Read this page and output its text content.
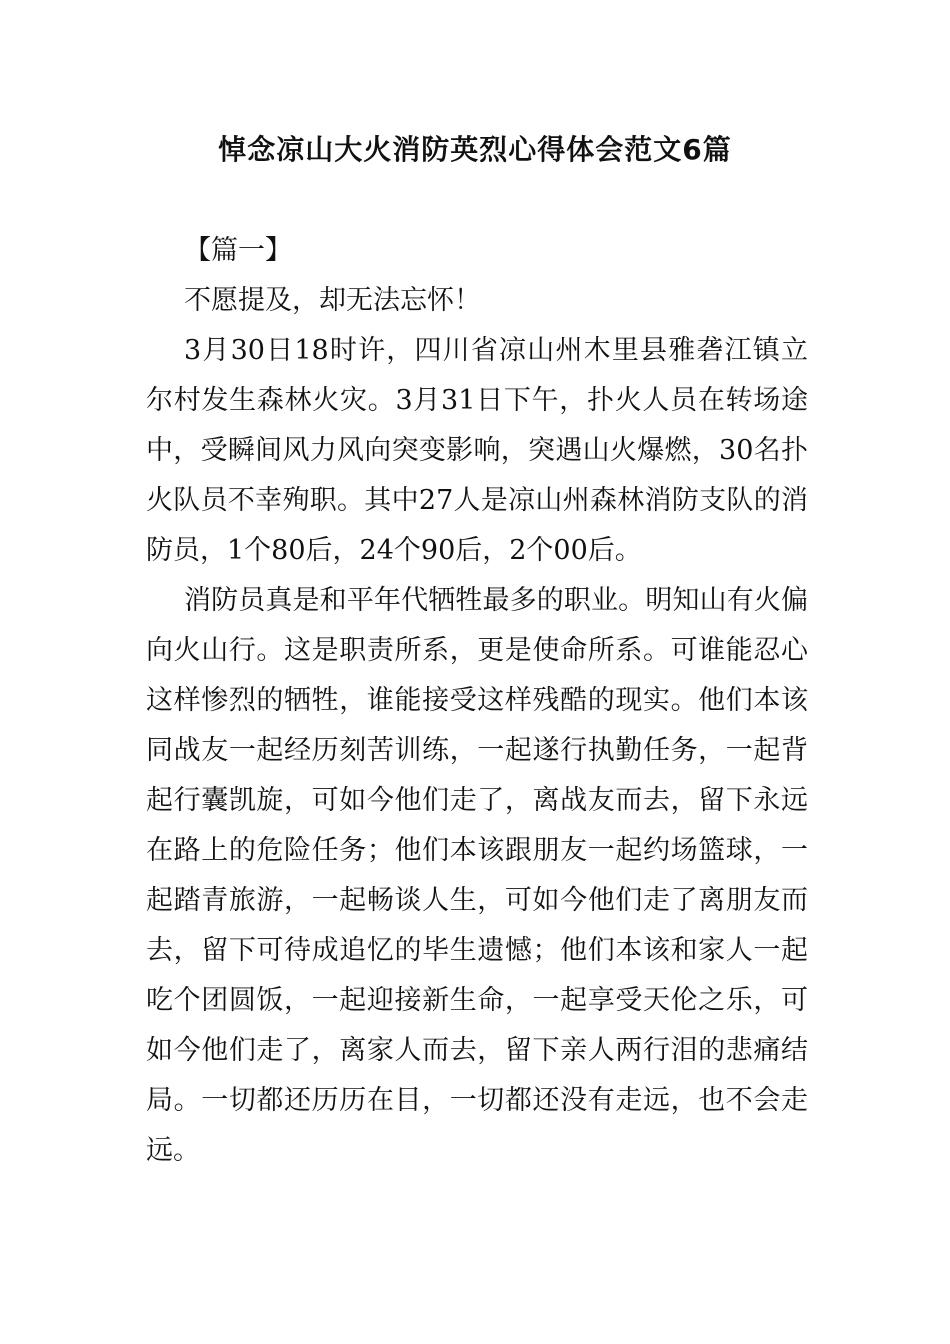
悼念凉山大火消防英烈心得体会范文6篇

【篇一】

不愿提及，却无法忘怀！

3月30日18时许，四川省凉山州木里县雅砻江镇立尔村发生森林火灾。3月31日下午，扑火人员在转场途中，受瞬间风力风向突变影响，突遇山火爆燃，30名扑火队员不幸殉职。其中27人是凉山州森林消防支队的消防员，1个80后，24个90后，2个00后。

消防员真是和平年代牺牲最多的职业。明知山有火偏向火山行。这是职责所系，更是使命所系。可谁能忍心这样惨烈的牺牲，谁能接受这样残酷的现实。他们本该同战友一起经历刻苦训练，一起遂行执勤任务，一起背起行囊凯旋，可如今他们走了，离战友而去，留下永远在路上的危险任务；他们本该跟朋友一起约场篮球，一起踏青旅游，一起畅谈人生，可如今他们走了离朋友而去，留下可待成追忆的毕生遗憾；他们本该和家人一起吃个团圆饭，一起迎接新生命，一起享受天伦之乐，可如今他们走了，离家人而去，留下亲人两行泪的悲痛结局。一切都还历历在目，一切都还没有走远，也不会走远。
